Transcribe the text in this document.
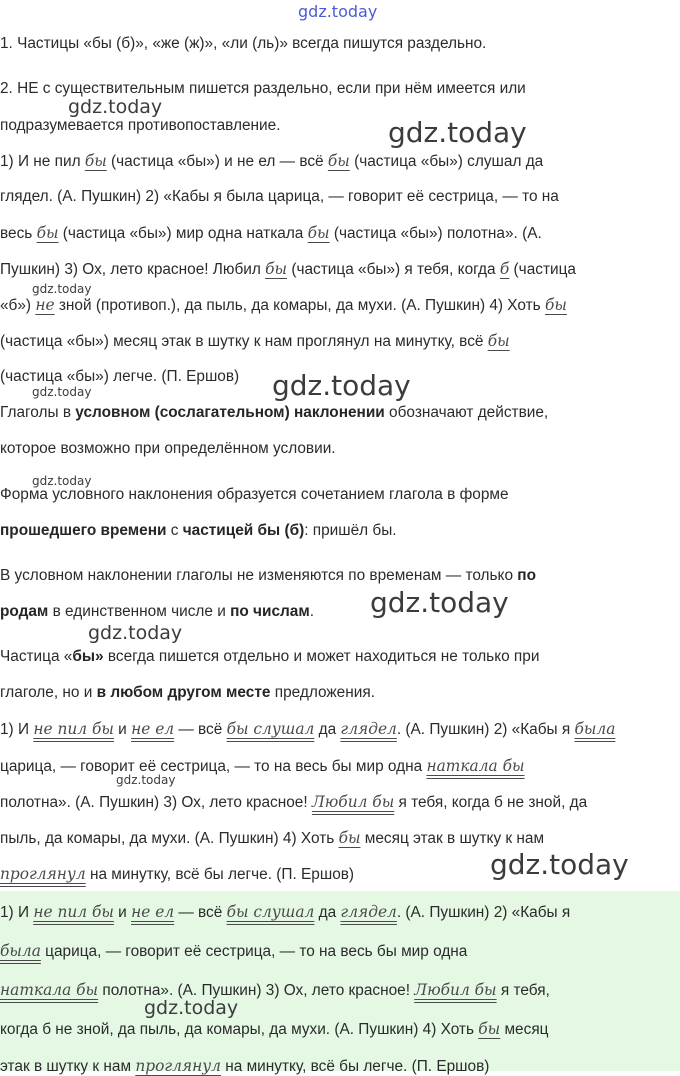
gdz.today
gdz.today
gdz.today
gdz.today
gdz.today
gdz.today
gdz.today
gdz.today
gdz.today
gdz.today
gdz.today
gdz.today
1. Частицы «бы (б)», «же (ж)», «ли (ль)» всегда пишутся раздельно.
2. НЕ с существительным пишется раздельно, если при нём имеется или
подразумевается противопоставление.
1) И не пил бы (частица «бы») и не ел — всё бы (частица «бы») слушал да
глядел. (А. Пушкин) 2) «Кабы я была царица, — говорит её сестрица, — то на
весь бы (частица «бы») мир одна наткала бы (частица «бы») полотна». (А.
Пушкин) 3) Ох, лето красное! Любил бы (частица «бы») я тебя, когда б (частица
«б») не зной (противоп.), да пыль, да комары, да мухи. (А. Пушкин) 4) Хоть бы
(частица «бы») месяц этак в шутку к нам проглянул на минутку, всё бы
(частица «бы») легче. (П. Ершов)
Глаголы в условном (сослагательном) наклонении обозначают действие,
которое возможно при определённом условии.
Форма условного наклонения образуется сочетанием глагола в форме
прошедшего времени с частицей бы (б): пришёл бы.
В условном наклонении глаголы не изменяются по временам — только по
родам в единственном числе и по числам.
Частица «бы» всегда пишется отдельно и может находиться не только при
глаголе, но и в любом другом месте предложения.
1) И не пил бы и не ел — всё бы слушал да глядел. (А. Пушкин) 2) «Кабы я была
царица, — говорит её сестрица, — то на весь бы мир одна наткала бы
полотна». (А. Пушкин) 3) Ох, лето красное! Любил бы я тебя, когда б не зной, да
пыль, да комары, да мухи. (А. Пушкин) 4) Хоть бы месяц этак в шутку к нам
проглянул на минутку, всё бы легче. (П. Ершов)
1) И не пил бы и не ел — всё бы слушал да глядел. (А. Пушкин) 2) «Кабы я
была царица, — говорит её сестрица, — то на весь бы мир одна
наткала бы полотна». (А. Пушкин) 3) Ох, лето красное! Любил бы я тебя,
когда б не зной, да пыль, да комары, да мухи. (А. Пушкин) 4) Хоть бы месяц
этак в шутку к нам проглянул на минутку, всё бы легче. (П. Ершов)
